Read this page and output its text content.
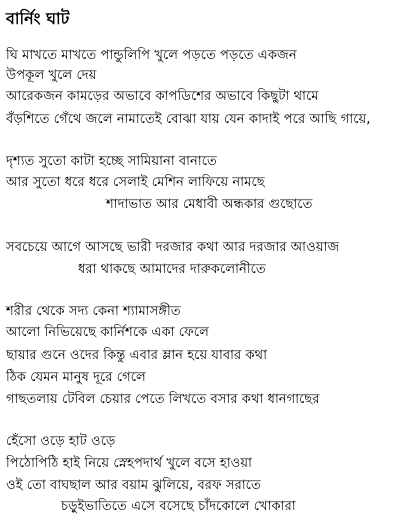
বার্নিং ঘাট
ঘি মাখতে মাখতে পান্ডুলিপি খুলে পড়তে পড়তে একজন
উপকূল খুলে দেয়
আরেকজন কামড়ের অভাবে কাপডিশের অভাবে কিছুটা থামে
বঁড়শিতে গেঁথে জলে নামাতেই বোঝা যায় যেন কাদাই পরে আছি গায়ে,
দৃশ্যত সুতো কাটা হচ্ছে সামিয়ানা বানাতে
আর সুতো ধরে ধরে সেলাই মেশিন লাফিয়ে নামছে
শাদাভাত আর মেধাবী অন্ধকার গুছোতে
সবচেয়ে আগে আসছে ভারী দরজার কথা আর দরজার আওয়াজ
ধরা থাকছে আমাদের দারুকলোনীতে
শরীর থেকে সদ্য কেনা শ্যামাসঙ্গীত
আলো নিভিয়েছে কার্নিশকে একা ফেলে
ছায়ার গুনে ওদের কিন্তু এবার ম্লান হয়ে যাবার কথা
ঠিক যেমন মানুষ দূরে গেলে
গাছতলায় টেবিল চেয়ার পেতে লিখতে বসার কথা ধানগাছের
হেঁসো ওড়ে হাট ওড়ে
পিঠোপিঠি হাই নিয়ে স্নেহপদার্থ খুলে বসে হাওয়া
ওই তো বাঘছাল আর বয়াম ঝুলিয়ে, বরফ সরাতে
চড়ুইভাতিতে এসে বসেছে চাঁদকোলে খোকারা
